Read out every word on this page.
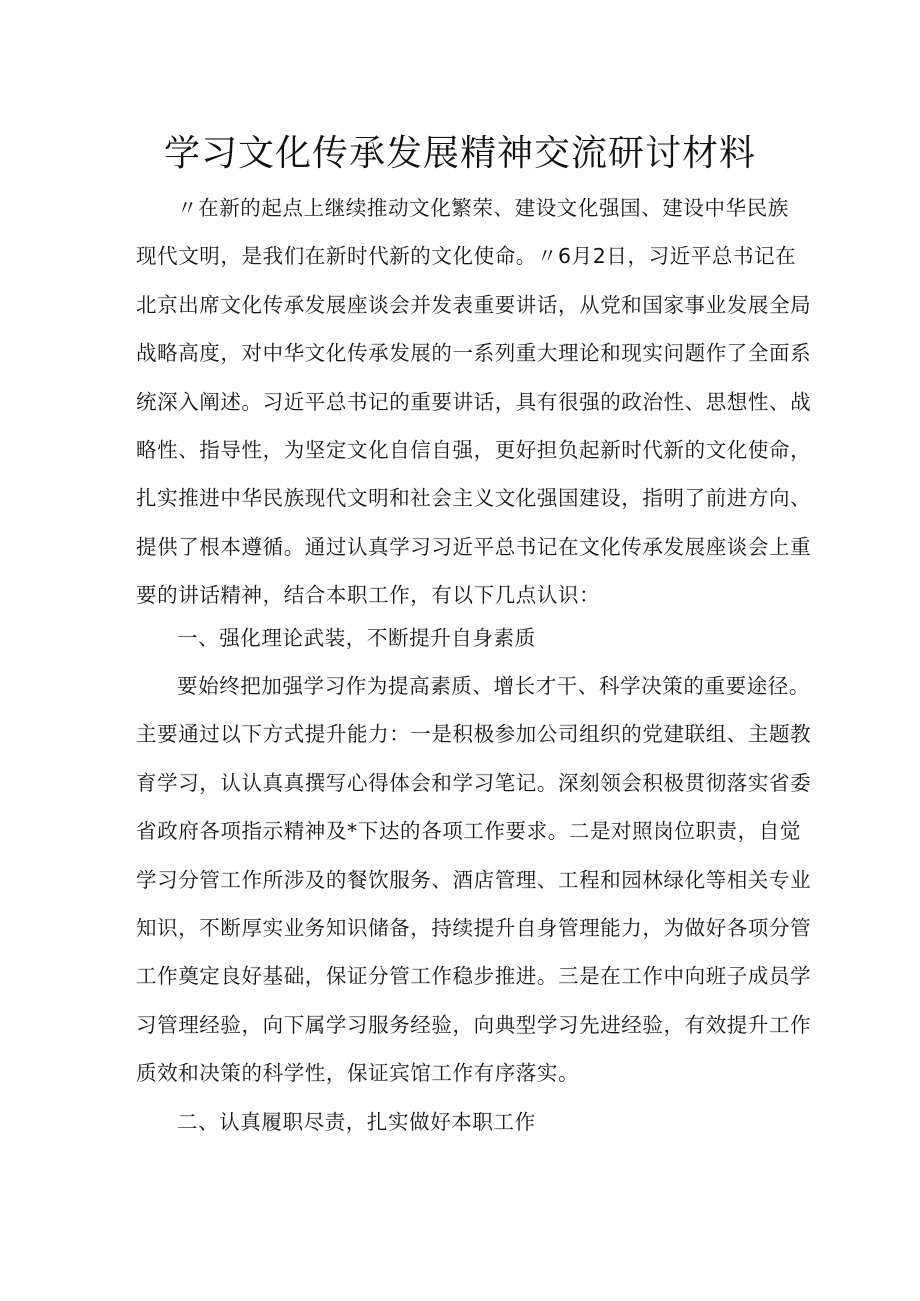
学习文化传承发展精神交流研讨材料
〃在新的起点上继续推动文化繁荣、建设文化强国、建设中华民族
现代文明，是我们在新时代新的文化使命。〃6月2日，习近平总书记在
北京出席文化传承发展座谈会并发表重要讲话，从党和国家事业发展全局
战略高度，对中华文化传承发展的一系列重大理论和现实问题作了全面系
统深入阐述。习近平总书记的重要讲话，具有很强的政治性、思想性、战
略性、指导性，为坚定文化自信自强，更好担负起新时代新的文化使命，
扎实推进中华民族现代文明和社会主义文化强国建设，指明了前进方向、
提供了根本遵循。通过认真学习习近平总书记在文化传承发展座谈会上重
要的讲话精神，结合本职工作，有以下几点认识：
一、强化理论武装，不断提升自身素质
要始终把加强学习作为提高素质、增长才干、科学决策的重要途径。
主要通过以下方式提升能力：一是积极参加公司组织的党建联组、主题教
育学习，认认真真撰写心得体会和学习笔记。深刻领会积极贯彻落实省委
省政府各项指示精神及*下达的各项工作要求。二是对照岗位职责，自觉
学习分管工作所涉及的餐饮服务、酒店管理、工程和园林绿化等相关专业
知识，不断厚实业务知识储备，持续提升自身管理能力，为做好各项分管
工作奠定良好基础，保证分管工作稳步推进。三是在工作中向班子成员学
习管理经验，向下属学习服务经验，向典型学习先进经验，有效提升工作
质效和决策的科学性，保证宾馆工作有序落实。
二、认真履职尽责，扎实做好本职工作
